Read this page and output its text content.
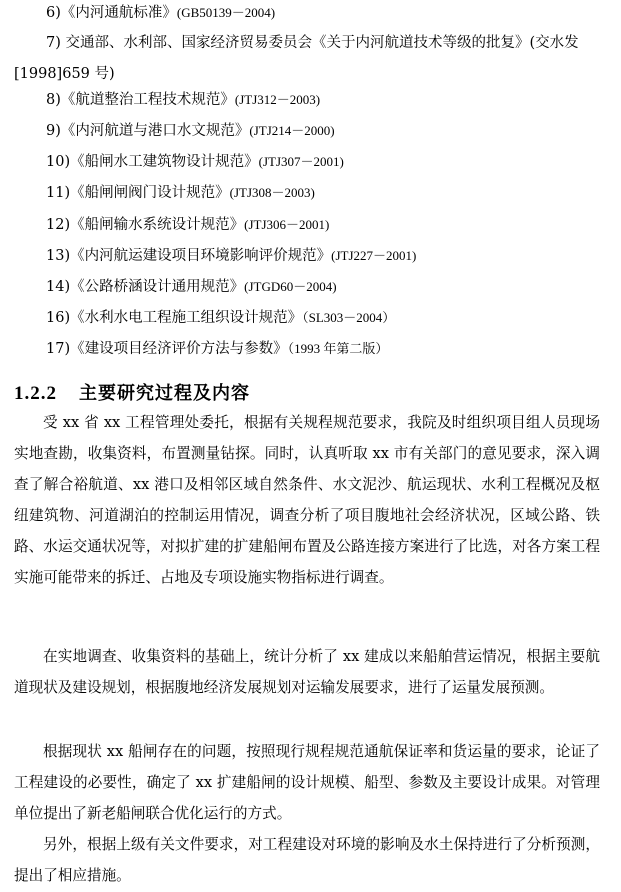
6)《内河通航标准》(GB50139－2004)
7) 交通部、水利部、国家经济贸易委员会《关于内河航道技术等级的批复》(交水发[1998]659 号)
8)《航道整治工程技术规范》(JTJ312－2003)
9)《内河航道与港口水文规范》(JTJ214－2000)
10)《船闸水工建筑物设计规范》(JTJ307－2001)
11)《船闸闸阀门设计规范》(JTJ308－2003)
12)《船闸输水系统设计规范》(JTJ306－2001)
13)《内河航运建设项目环境影响评价规范》(JTJ227－2001)
14)《公路桥涵设计通用规范》(JTGD60－2004)
16)《水利水电工程施工组织设计规范》（SL303－2004）
17)《建设项目经济评价方法与参数》（1993 年第二版）
1.2.2 主要研究过程及内容

受 xx 省 xx 工程管理处委托，根据有关规程规范要求，我院及时组织项目组人员现场实地查勘，收集资料，布置测量钻探。同时，认真听取 xx 市有关部门的意见要求，深入调查了解合裕航道、xx 港口及相邻区域自然条件、水文泥沙、航运现状、水利工程概况及枢纽建筑物、河道湖泊的控制运用情况，调查分析了项目腹地社会经济状况，区域公路、铁路、水运交通状况等，对拟扩建的扩建船闸布置及公路连接方案进行了比选，对各方案工程实施可能带来的拆迁、占地及专项设施实物指标进行调查。

在实地调查、收集资料的基础上，统计分析了 xx 建成以来船舶营运情况，根据主要航道现状及建设规划，根据腹地经济发展规划对运输发展要求，进行了运量发展预测。

根据现状 xx 船闸存在的问题，按照现行规程规范通航保证率和货运量的要求，论证了工程建设的必要性，确定了 xx 扩建船闸的设计规模、船型、参数及主要设计成果。对管理单位提出了新老船闸联合优化运行的方式。

另外，根据上级有关文件要求，对工程建设对环境的影响及水土保持进行了分析预测，提出了相应措施。
